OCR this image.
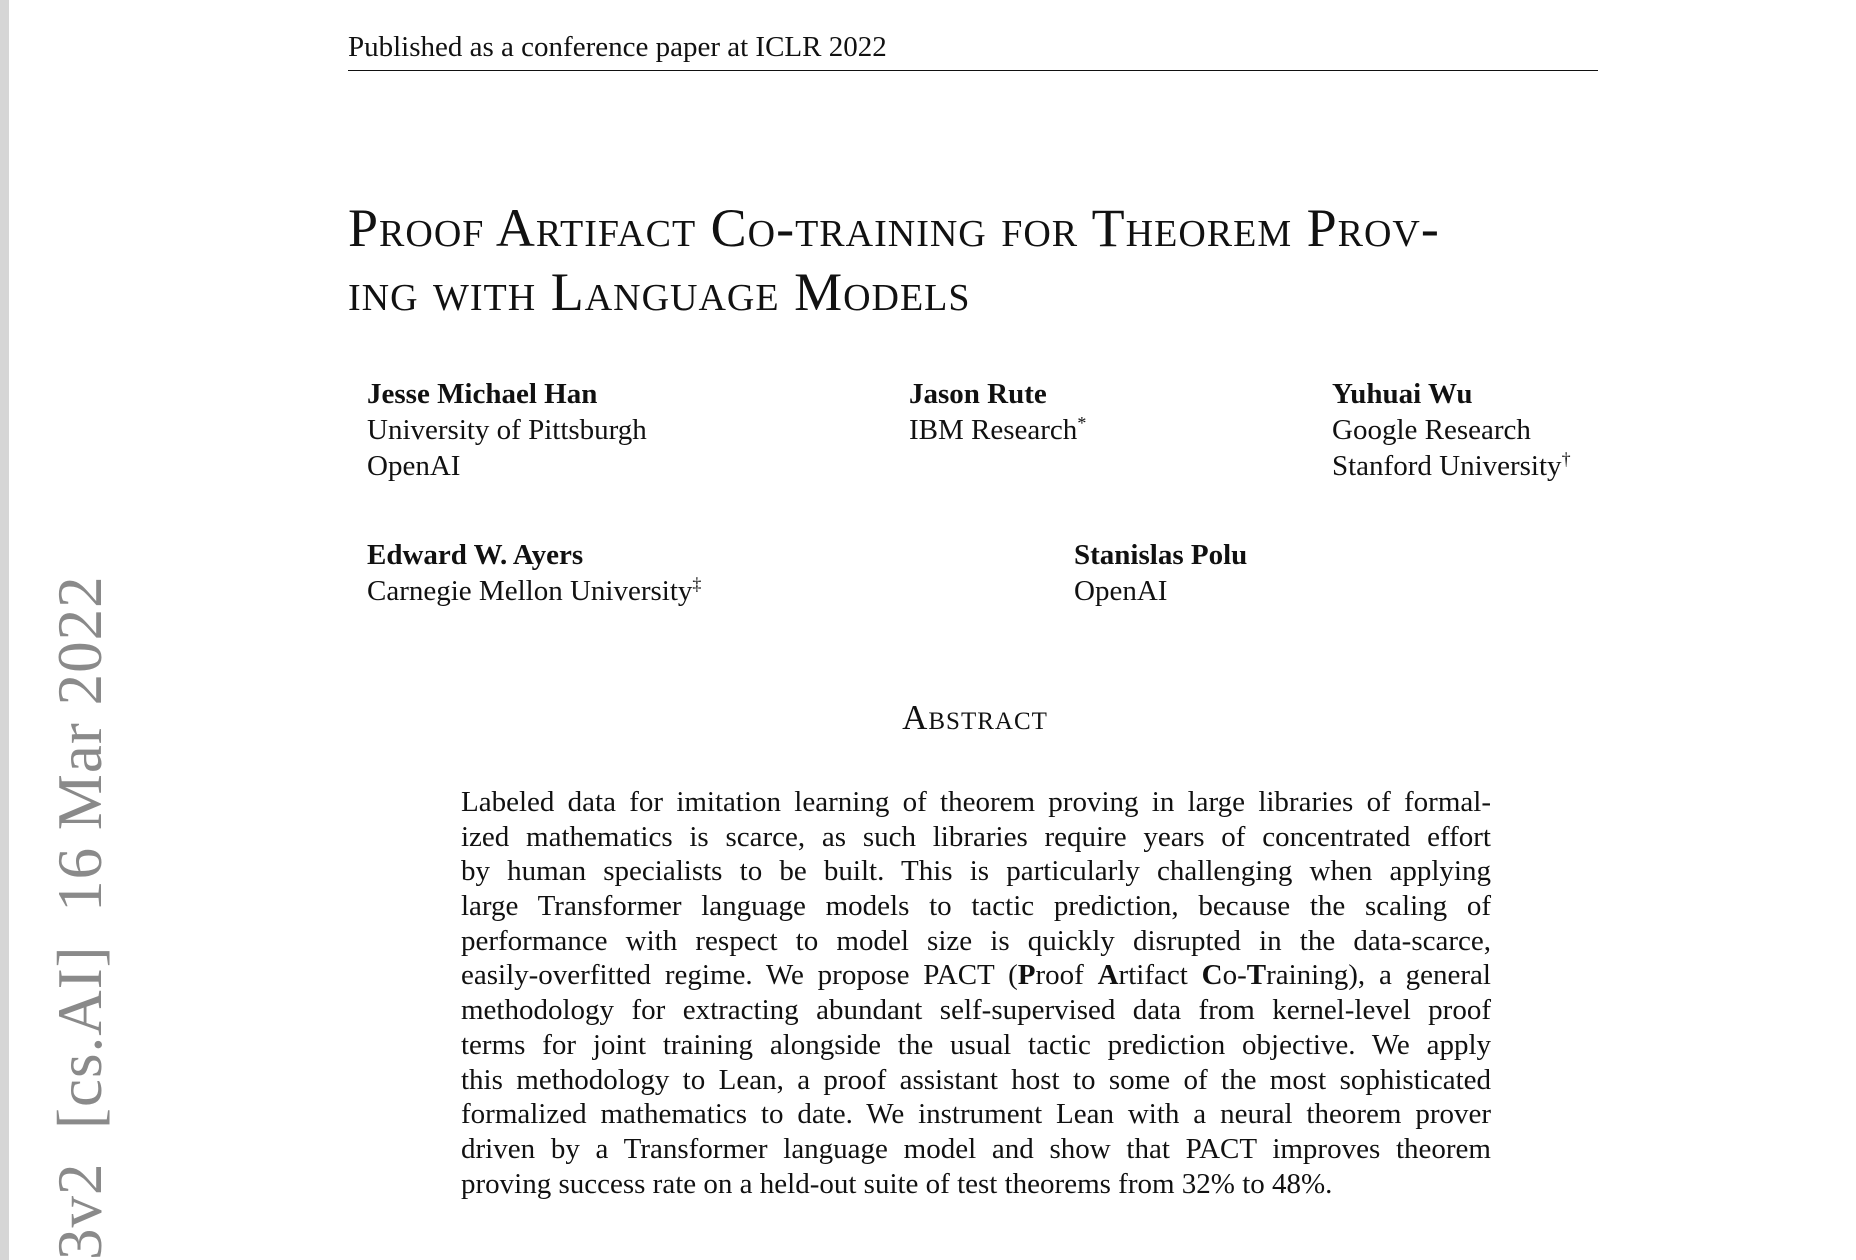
Published as a conference paper at ICLR 2022
Proof Artifact Co-training for Theorem Prov-
ing with Language Models
Jesse Michael Han
University of Pittsburgh
OpenAI
Jason Rute
IBM Research*
Yuhuai Wu
Google Research
Stanford University†
Edward W. Ayers
Carnegie Mellon University‡
Stanislas Polu
OpenAI
Abstract
Labeled data for imitation learning of theorem proving in large libraries of formal-
ized mathematics is scarce, as such libraries require years of concentrated effort
by human specialists to be built. This is particularly challenging when applying
large Transformer language models to tactic prediction, because the scaling of
performance with respect to model size is quickly disrupted in the data-scarce,
easily-overfitted regime. We propose PACT (Proof Artifact Co-Training), a general
methodology for extracting abundant self-supervised data from kernel-level proof
terms for joint training alongside the usual tactic prediction objective. We apply
this methodology to Lean, a proof assistant host to some of the most sophisticated
formalized mathematics to date. We instrument Lean with a neural theorem prover
driven by a Transformer language model and show that PACT improves theorem
proving success rate on a held-out suite of test theorems from 32% to 48%.
3v2  [cs.AI]  16 Mar 2022
